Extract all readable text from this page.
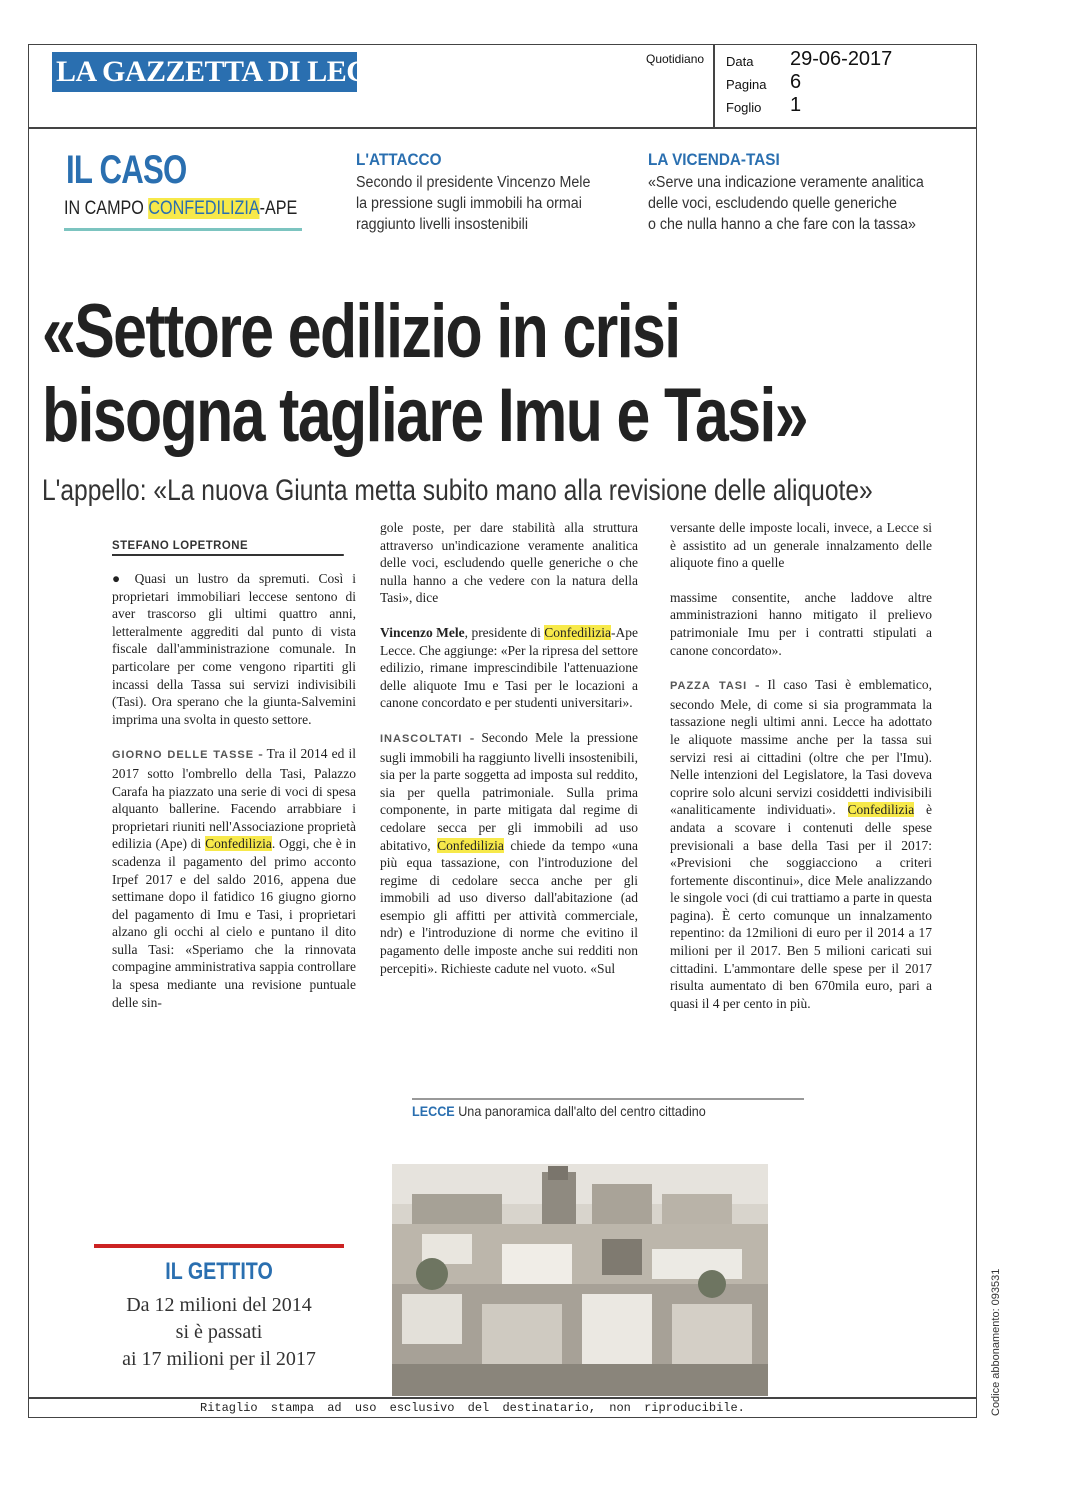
LA GAZZETTA DI LECCE	Quotidiano Data 29-06-2017
Pagina 6
Foglio 1
IL CASO
IN CAMPO CONFEDILIZIA-APE
L'ATTACCO
Secondo il presidente Vincenzo Mele
la pressione sugli immobili ha ormai
raggiunto livelli insostenibili
LA VICENDA-TASI
«Serve una indicazione veramente analitica
delle voci, escludendo quelle generiche
o che nulla hanno a che fare con la tassa»
«Settore edilizio in crisi
bisogna tagliare Imu e Tasi»
L'appello: «La nuova Giunta metta subito mano alla revisione delle aliquote»
STEFANO LOPETRONE

● Quasi un lustro da spremuti. Così i proprietari immobiliari leccese sentono di aver trascorso gli ultimi quattro anni, letteralmente aggrediti dal punto di vista fiscale dall'amministrazione comunale. In particolare per come vengono ripartiti gli incassi della Tassa sui servizi indivisibili (Tasi). Ora sperano che la giunta-Salvemini imprima una svolta in questo settore.

GIORNO DELLE TASSE - Tra il 2014 ed il 2017 sotto l'ombrello della Tasi, Palazzo Carafa ha piazzato una serie di voci di spesa alquanto ballerine. Facendo arrabbiare i proprietari riuniti nell'Associazione proprietà edilizia (Ape) di Confedilizia. Oggi, che è in scadenza il pagamento del primo acconto Irpef 2017 e del saldo 2016, appena due settimane dopo il fatidico 16 giugno giorno del pagamento di Imu e Tasi, i proprietari alzano gli occhi al cielo e puntano il dito sulla Tasi: «Speriamo che la rinnovata compagine amministrativa sappia controllare la spesa mediante una revisione puntuale delle sin-

gole poste, per dare stabilità alla struttura attraverso un'indicazione veramente analitica delle voci, escludendo quelle generiche o che nulla hanno a che vedere con la natura della Tasi», dice

Vincenzo Mele, presidente di Confedilizia-Ape Lecce. Che aggiunge: «Per la ripresa del settore edilizio, rimane imprescindibile l'attenuazione delle aliquote Imu e Tasi per le locazioni a canone concordato e per studenti universitari».

INASCOLTATI - Secondo Mele la pressione sugli immobili ha raggiunto livelli insostenibili, sia per la parte soggetta ad imposta sul reddito, sia per quella patrimoniale. Sulla prima componente, in parte mitigata dal regime di cedolare secca per gli immobili ad uso abitativo, Confedilizia chiede da tempo «una più equa tassazione, con l'introduzione del regime di cedolare secca anche per gli immobili ad uso diverso dall'abitazione (ad esempio gli affitti per attività commerciale, ndr) e l'introduzione di norme che evitino il pagamento delle imposte anche sui redditi non percepiti». Richieste cadute nel vuoto. «Sul

versante delle imposte locali, invece, a Lecce si è assistito ad un generale innalzamento delle aliquote fino a quelle

massime consentite, anche laddove altre amministrazioni hanno mitigato il prelievo patrimoniale Imu per i contratti stipulati a canone concordato».

PAZZA TASI - Il caso Tasi è emblematico, secondo Mele, di come si sia programmata la tassazione negli ultimi anni. Lecce ha adottato le aliquote massime anche per la tassa sui servizi resi ai cittadini (oltre che per l'Imu). Nelle intenzioni del Legislatore, la Tasi doveva coprire solo alcuni servizi cosiddetti indivisibili «analiticamente individuati». Confedilizia è andata a scovare i contenuti delle spese previsionali a base della Tasi per il 2017: «Previsioni che soggiacciono a criteri fortemente discontinui», dice Mele analizzando le singole voci (di cui trattiamo a parte in questa pagina). È certo comunque un innalzamento repentino: da 12milioni di euro per il 2014 a 17 milioni per il 2017. Ben 5 milioni caricati sui cittadini. L'ammontare delle spese per il 2017 risulta aumentato di ben 670mila euro, pari a quasi il 4 per cento in più.

LECCE Una panoramica dall'alto del centro cittadino
IL GETTITO
Da 12 milioni del 2014
si è passati
ai 17 milioni per il 2017
Ritaglio stampa ad uso esclusivo del destinatario, non riproducibile.	Codice abbonamento: 093531
